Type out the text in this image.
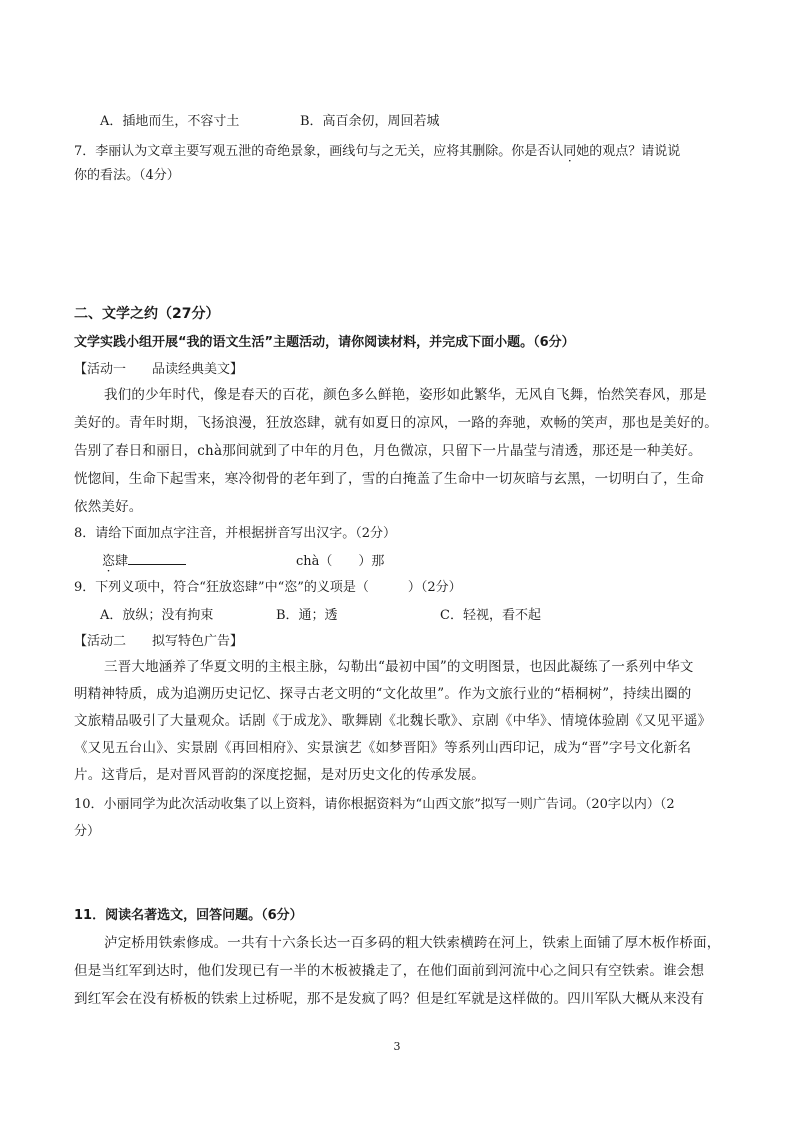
A．插地而生，不容寸土	B．高百余仞，周回若城
7．李丽认为文章主要写观五泄的奇绝景象，画线句与之无关，应将其删除。你是否认同她的观点？请说说
你的看法。（4分）
二、文学之约（27分）
文学实践小组开展“我的语文生活”主题活动，请你阅读材料，并完成下面小题。（6分）
【活动一　　品读经典美文】
我们的少年时代，像是春天的百花，颜色多么鲜艳，姿形如此繁华，无风自飞舞，怡然笑春风，那是
美好的。青年时期，飞扬浪漫，狂放恣肆，就有如夏日的凉风，一路的奔驰，欢畅的笑声，那也是美好的。
告别了春日和丽日，chà那间就到了中年的月色，月色微凉，只留下一片晶莹与清透，那还是一种美好。
恍惚间，生命下起雪来，寒冷彻骨的老年到了，雪的白掩盖了生命中一切灰暗与玄黑，一切明白了，生命
依然美好。
8．请给下面加点字注音，并根据拼音写出汉字。（2分）
恣肆	chà（　　）那
9．下列义项中，符合“狂放恣肆”中“恣”的义项是（　　　）（2分）
A．放纵；没有拘束	B．通；透	C．轻视，看不起
【活动二　　拟写特色广告】
三晋大地涵养了华夏文明的主根主脉，勾勒出“最初中国”的文明图景，也因此凝练了一系列中华文
明精神特质，成为追溯历史记忆、探寻古老文明的“文化故里”。作为文旅行业的“梧桐树”，持续出圈的
文旅精品吸引了大量观众。话剧《于成龙》、歌舞剧《北魏长歌》、京剧《中华》、情境体验剧《又见平遥》
《又见五台山》、实景剧《再回相府》、实景演艺《如梦晋阳》等系列山西印记，成为“晋”字号文化新名
片。这背后，是对晋风晋韵的深度挖掘，是对历史文化的传承发展。
10．小丽同学为此次活动收集了以上资料，请你根据资料为“山西文旅”拟写一则广告词。（20字以内）（2
分）
11．阅读名著选文，回答问题。（6分）
泸定桥用铁索修成。一共有十六条长达一百多码的粗大铁索横跨在河上，铁索上面铺了厚木板作桥面，
但是当红军到达时，他们发现已有一半的木板被撬走了，在他们面前到河流中心之间只有空铁索。谁会想
到红军会在没有桥板的铁索上过桥呢，那不是发疯了吗？但是红军就是这样做的。四川军队大概从来没有
3
